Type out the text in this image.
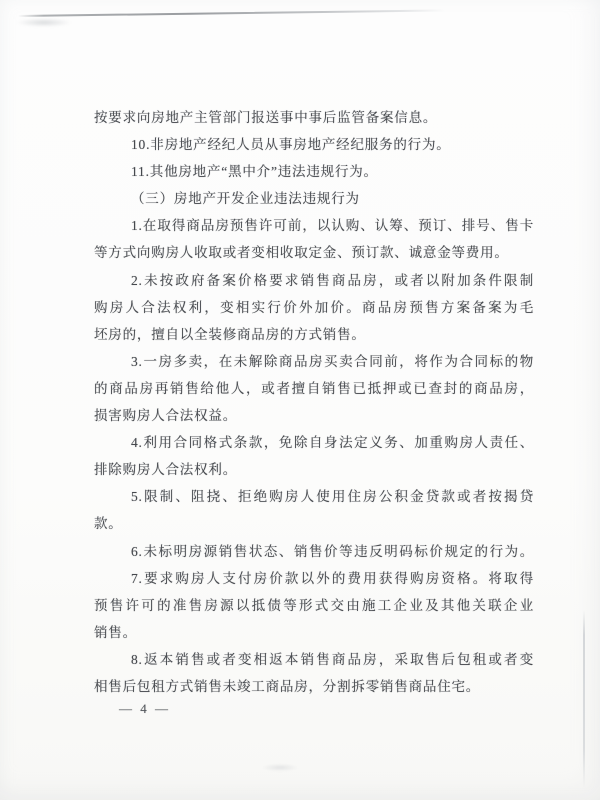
按要求向房地产主管部门报送事中事后监管备案信息。
10.非房地产经纪人员从事房地产经纪服务的行为。
11.其他房地产“黑中介”违法违规行为。
（三）房地产开发企业违法违规行为
1.在取得商品房预售许可前，以认购、认筹、预订、排号、售卡
等方式向购房人收取或者变相收取定金、预订款、诚意金等费用。
2.未按政府备案价格要求销售商品房，或者以附加条件限制
购房人合法权利，变相实行价外加价。商品房预售方案备案为毛
坯房的，擅自以全装修商品房的方式销售。
3.一房多卖，在未解除商品房买卖合同前，将作为合同标的物
的商品房再销售给他人，或者擅自销售已抵押或已查封的商品房，
损害购房人合法权益。
4.利用合同格式条款，免除自身法定义务、加重购房人责任、
排除购房人合法权利。
5.限制、阻挠、拒绝购房人使用住房公积金贷款或者按揭贷
款。
6.未标明房源销售状态、销售价等违反明码标价规定的行为。
7.要求购房人支付房价款以外的费用获得购房资格。将取得
预售许可的准售房源以抵债等形式交由施工企业及其他关联企业
销售。
8.返本销售或者变相返本销售商品房，采取售后包租或者变
相售后包租方式销售未竣工商品房，分割拆零销售商品住宅。
— 4 —
